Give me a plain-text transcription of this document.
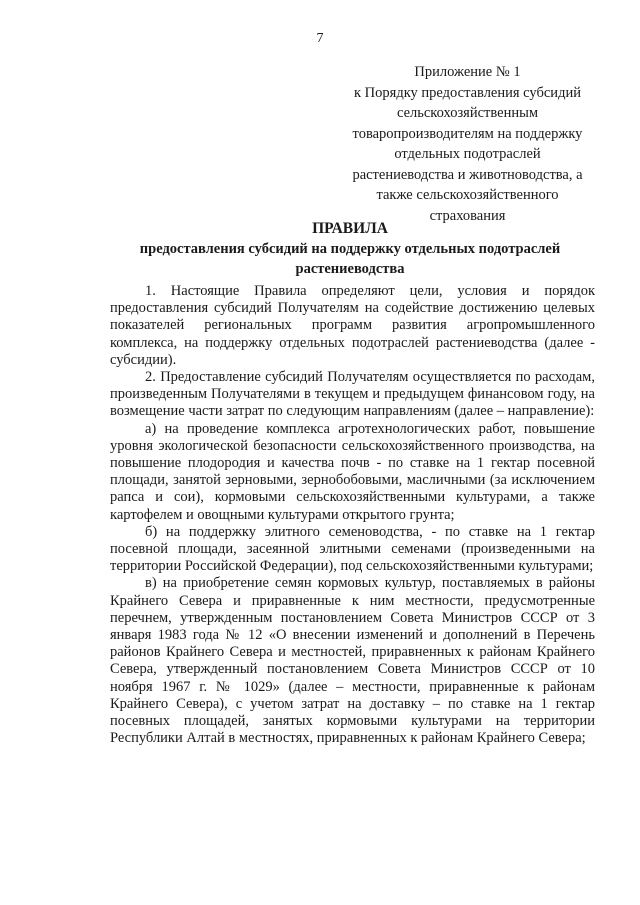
7
Приложение № 1
к Порядку предоставления субсидий
сельскохозяйственным
товаропроизводителям на поддержку
отдельных подотраслей
растениеводства и животноводства, а
также сельскохозяйственного
страхования
ПРАВИЛА
предоставления субсидий на поддержку отдельных подотраслей
растениеводства

1. Настоящие Правила определяют цели, условия и порядок предоставления субсидий Получателям на содействие достижению целевых показателей региональных программ развития агропромышленного комплекса, на поддержку отдельных подотраслей растениеводства (далее - субсидии).

2. Предоставление субсидий Получателям осуществляется по расходам, произведенным Получателями в текущем и предыдущем финансовом году, на возмещение части затрат по следующим направлениям (далее – направление):

а) на проведение комплекса агротехнологических работ, повышение уровня экологической безопасности сельскохозяйственного производства, на повышение плодородия и качества почв - по ставке на 1 гектар посевной площади, занятой зерновыми, зернобобовыми, масличными (за исключением рапса и сои), кормовыми сельскохозяйственными культурами, а также картофелем и овощными культурами открытого грунта;

б) на поддержку элитного семеноводства, - по ставке на 1 гектар посевной площади, засеянной элитными семенами (произведенными на территории Российской Федерации), под сельскохозяйственными культурами;

в) на приобретение семян кормовых культур, поставляемых в районы Крайнего Севера и приравненные к ним местности, предусмотренные перечнем, утвержденным постановлением Совета Министров СССР от 3 января 1983 года № 12 «О внесении изменений и дополнений в Перечень районов Крайнего Севера и местностей, приравненных к районам Крайнего Севера, утвержденный постановлением Совета Министров СССР от 10 ноября 1967 г. № 1029» (далее – местности, приравненные к районам Крайнего Севера), с учетом затрат на доставку – по ставке на 1 гектар посевных площадей, занятых кормовыми культурами на территории Республики Алтай в местностях, приравненных к районам Крайнего Севера;
